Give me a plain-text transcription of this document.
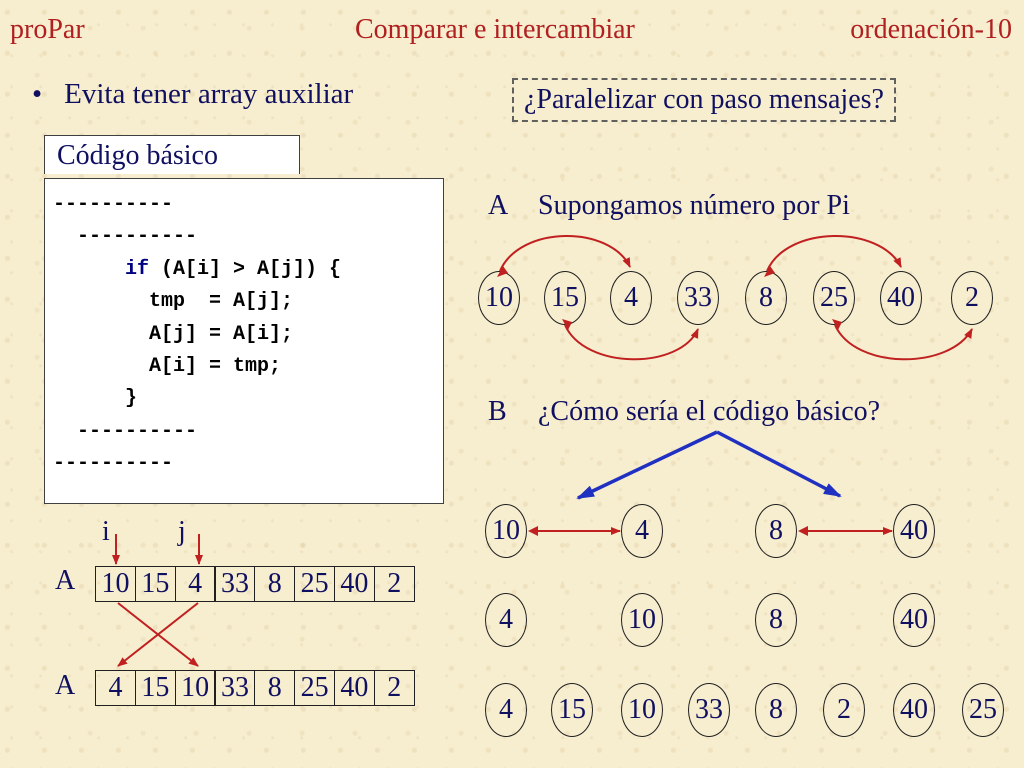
proPar	Comparar e intercambiar	ordenación-10
• Evita tener array auxiliar	¿Paralelizar con paso mensajes?
Código básico
----------
----------
if (A[i] > A[j]) {
tmp  = A[j];
A[j] = A[i];
A[i] = tmp;
}
----------
----------
i j
A
A
10 15 4 33 8 25 40 2
4 15 10 33 8 25 40 2
A Supongamos número por Pi
10 15	4	33	8	25 40	2
B ¿Cómo sería el código básico?
10	4	8	40
4	10	8	40
4	15 10 33	8	2	40 25
